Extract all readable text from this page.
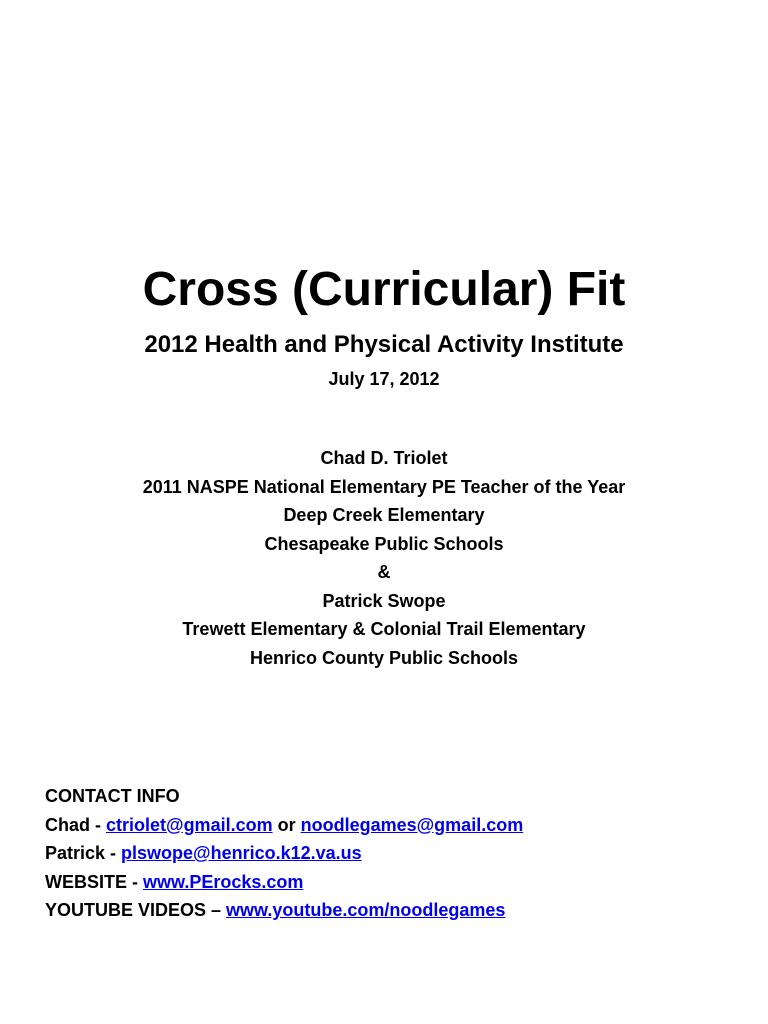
Cross (Curricular) Fit
2012 Health and Physical Activity Institute
July 17, 2012
Chad D. Triolet
2011 NASPE National Elementary PE Teacher of the Year
Deep Creek Elementary
Chesapeake Public Schools
&
Patrick Swope
Trewett Elementary & Colonial Trail Elementary
Henrico County Public Schools
CONTACT INFO
Chad - ctriolet@gmail.com or noodlegames@gmail.com
Patrick - plswope@henrico.k12.va.us
WEBSITE - www.PErocks.com
YOUTUBE VIDEOS – www.youtube.com/noodlegames
